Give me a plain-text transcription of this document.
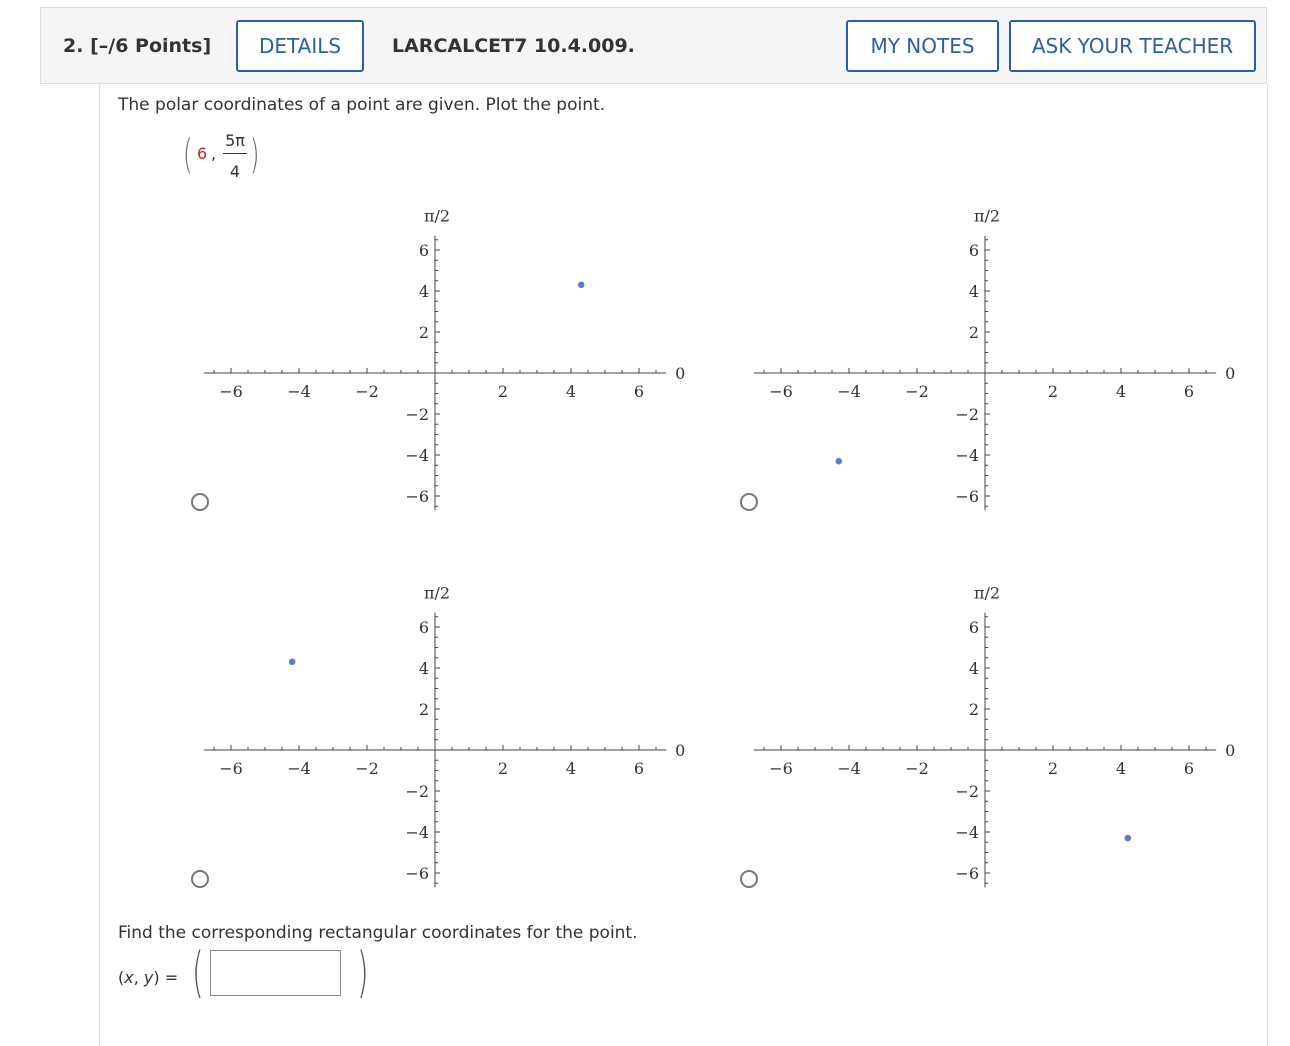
2. [–/6 Points]	DETAILS	LARCALCET7 10.4.009.	MY NOTES	ASK YOUR TEACHER
The polar coordinates of a point are given. Plot the point.
( 6 ,
5π
4 )
−6	−4	−2	2	4	6
6
4
2
−2
−4
−6
π/2
0
−6	−4	−2	2	4	6
6
4
2
−2
−4
−6
π/2
0
−6	−4	−2	2	4	6
6
4
2
−2
−4
−6
π/2
0
−6	−4	−2	2	4	6
6
4
2
−2
−4
−6
π/2
0
Find the corresponding rectangular coordinates for the point.
(x, y) = (	)
